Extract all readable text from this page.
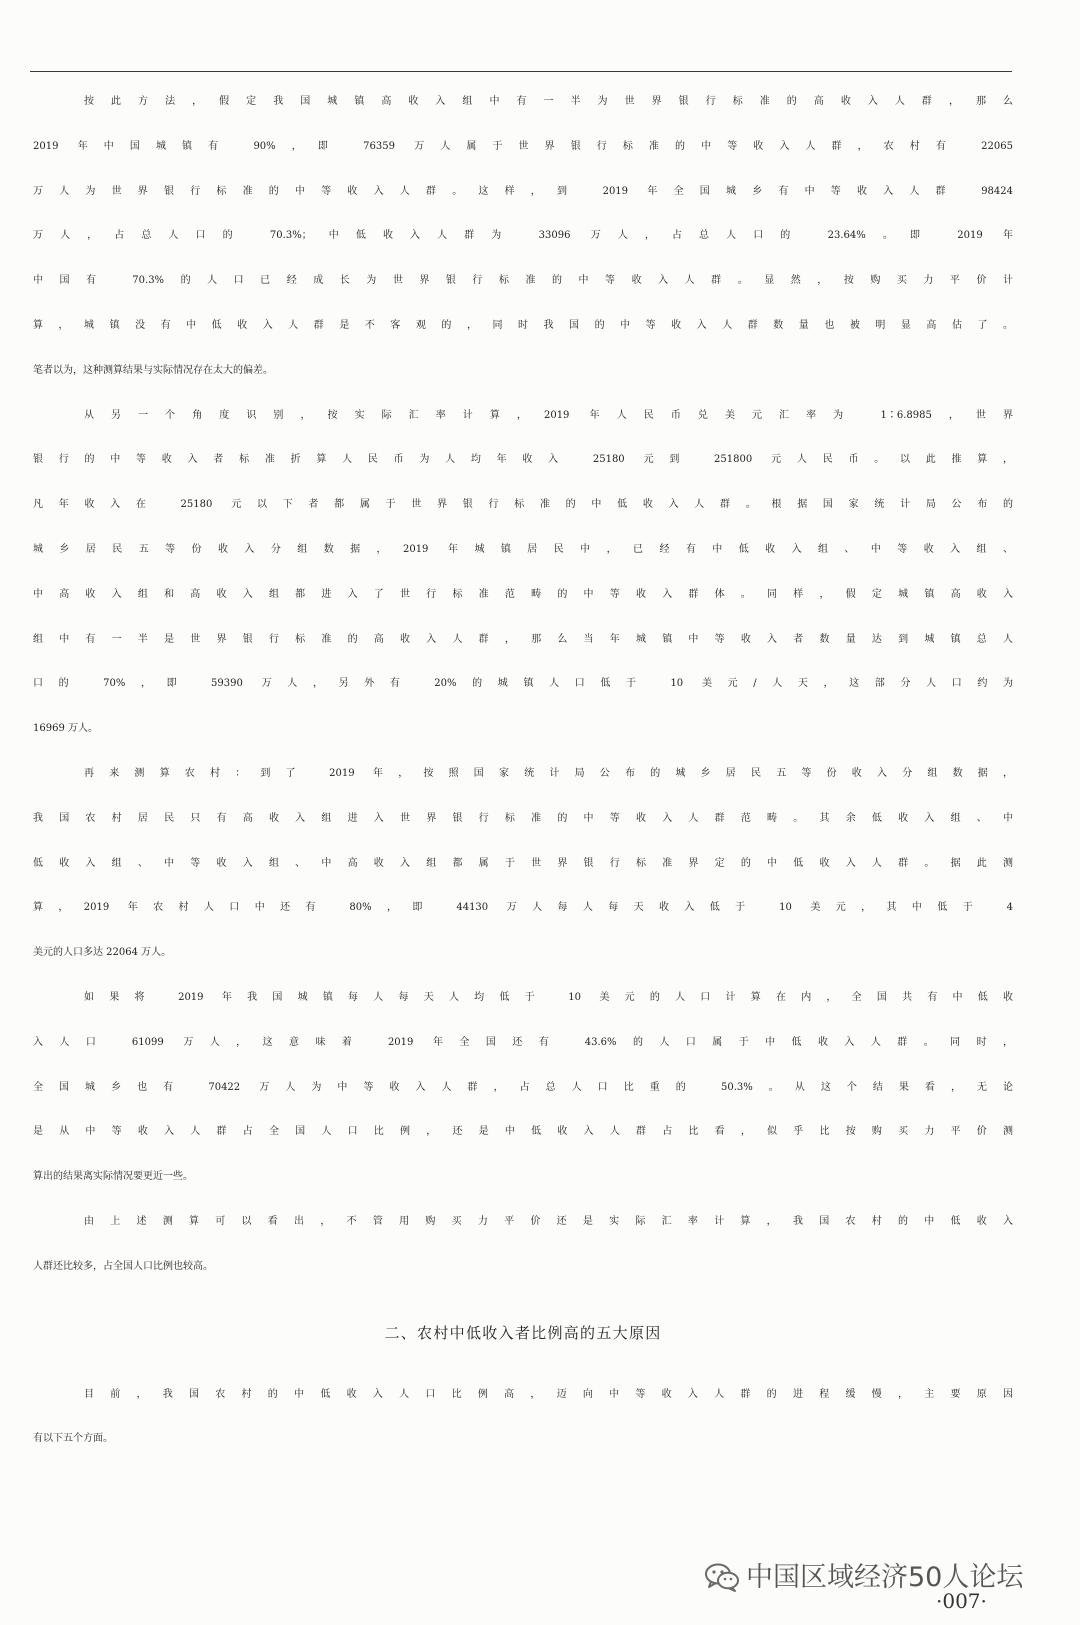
按此方法，假定我国城镇高收入组中有一半为世界银行标准的高收入人群，那么
2019 年中国城镇有 90%，即 76359 万人属于世界银行标准的中等收入人群，农村有 22065
万人为世界银行标准的中等收入人群。这样，到 2019 年全国城乡有中等收入人群 98424
万人，占总人口的 70.3%；中低收入人群为 33096 万人，占总人口的 23.64%。即 2019 年
中国有 70.3%的人口已经成长为世界银行标准的中等收入人群。显然，按购买力平价计
算，城镇没有中低收入人群是不客观的，同时我国的中等收入人群数量也被明显高估了。
笔者以为，这种测算结果与实际情况存在太大的偏差。
从另一个角度识别，按实际汇率计算，2019 年人民币兑美元汇率为 1∶6.8985，世界
银行的中等收入者标准折算人民币为人均年收入 25180 元到 251800 元人民币。以此推算，
凡年收入在 25180 元以下者都属于世界银行标准的中低收入人群。根据国家统计局公布的
城乡居民五等份收入分组数据，2019 年城镇居民中，已经有中低收入组、中等收入组、
中高收入组和高收入组都进入了世行标准范畴的中等收入群体。同样，假定城镇高收入
组中有一半是世界银行标准的高收入人群，那么当年城镇中等收入者数量达到城镇总人
口的 70%，即 59390 万人，另外有 20%的城镇人口低于 10 美元/人天，这部分人口约为
16969 万人。
再来测算农村：到了 2019 年，按照国家统计局公布的城乡居民五等份收入分组数据，
我国农村居民只有高收入组进入世界银行标准的中等收入人群范畴。其余低收入组、中
低收入组、中等收入组、中高收入组都属于世界银行标准界定的中低收入人群。据此测
算，2019 年农村人口中还有 80%，即 44130 万人每人每天收入低于 10 美元，其中低于 4
美元的人口多达 22064 万人。
如果将 2019 年我国城镇每人每天人均低于 10 美元的人口计算在内，全国共有中低收
入人口 61099 万人，这意味着 2019 年全国还有 43.6%的人口属于中低收入人群。同时，
全国城乡也有 70422 万人为中等收入人群，占总人口比重的 50.3%。从这个结果看，无论
是从中等收入人群占全国人口比例，还是中低收入人群占比看，似乎比按购买力平价测
算出的结果离实际情况要更近一些。
由上述测算可以看出，不管用购买力平价还是实际汇率计算，我国农村的中低收入
人群还比较多，占全国人口比例也较高。
二、农村中低收入者比例高的五大原因
目前，我国农村的中低收入人口比例高，迈向中等收入人群的进程缓慢，主要原因
有以下五个方面。
·007·
中国区域经济50人论坛
